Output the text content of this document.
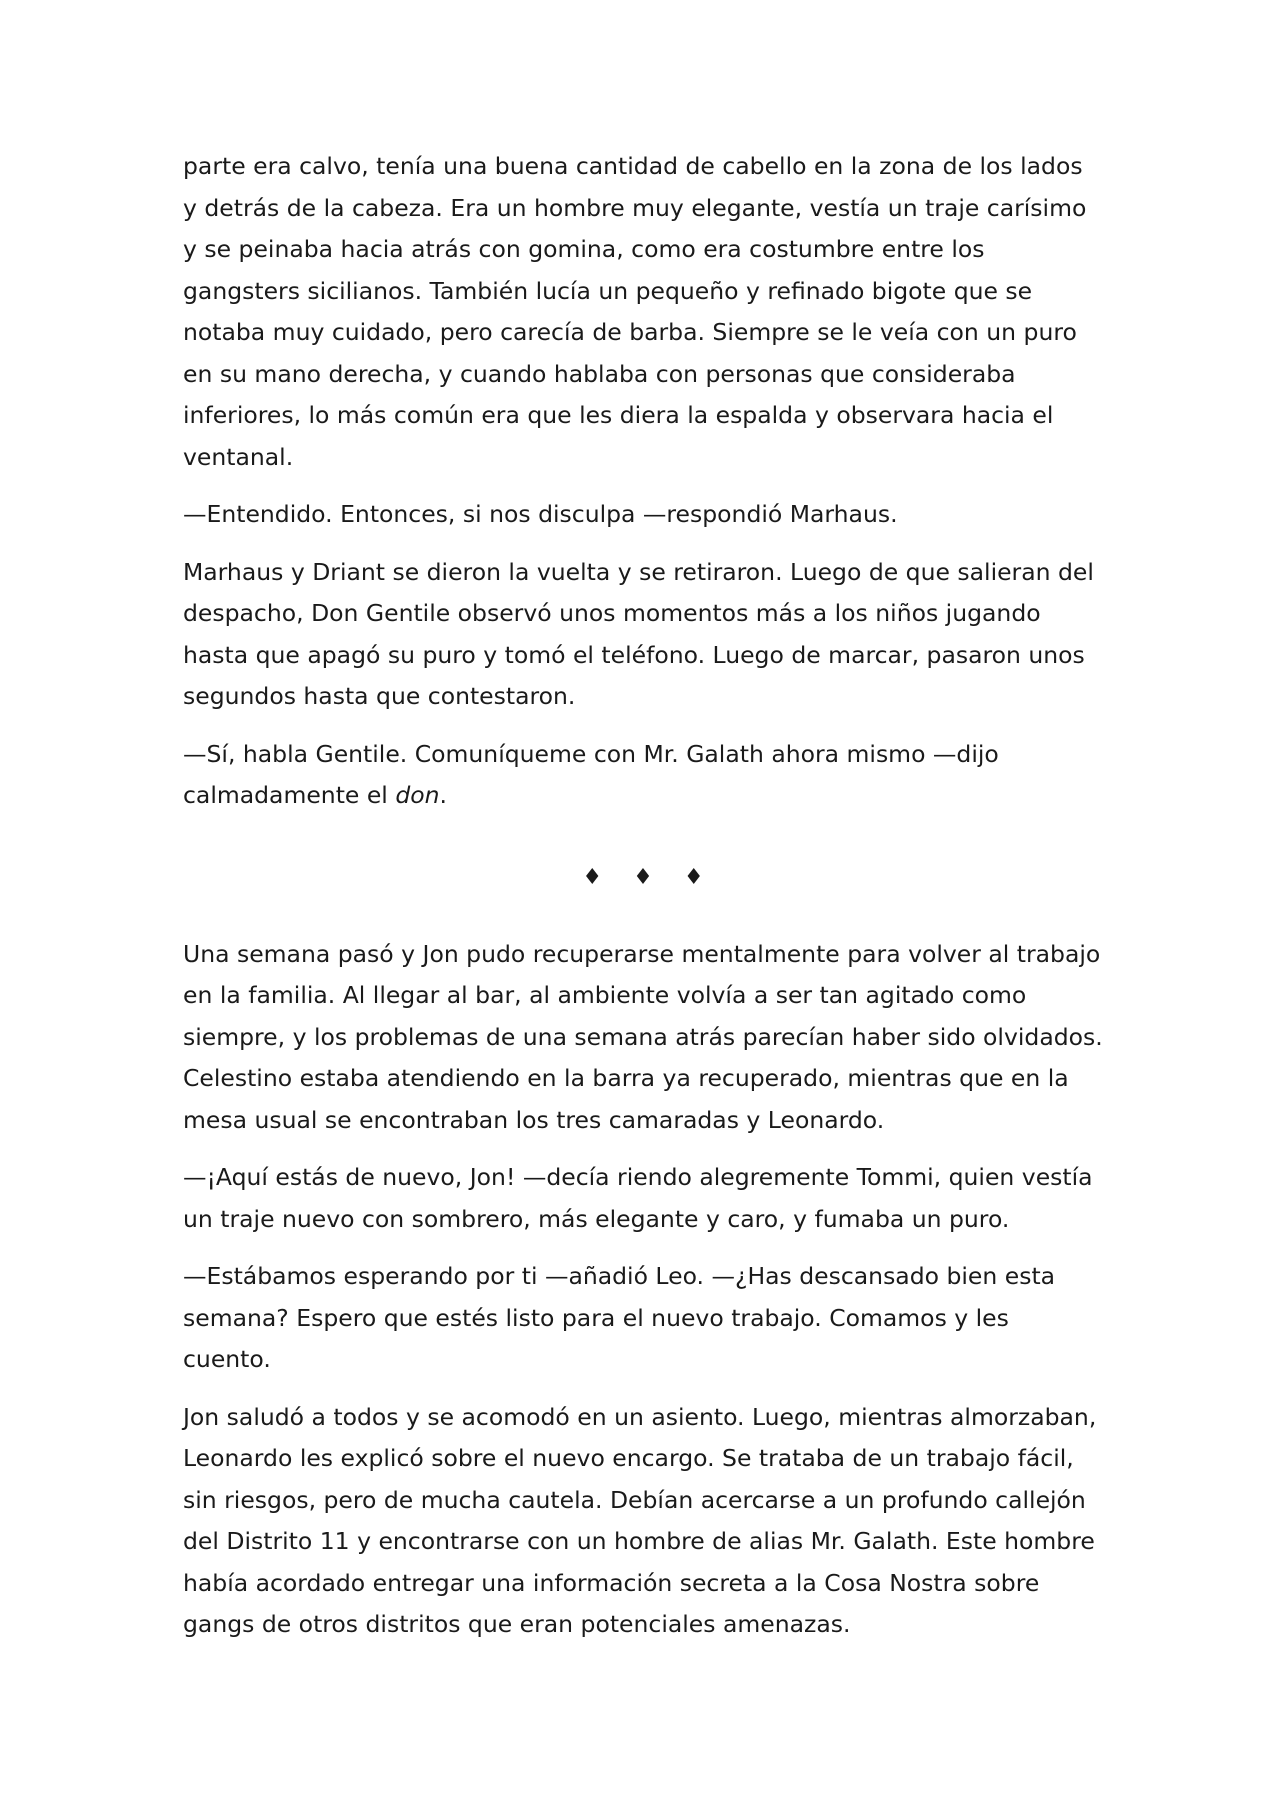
parte era calvo, tenía una buena cantidad de cabello en la zona de los lados y detrás de la cabeza. Era un hombre muy elegante, vestía un traje carísimo y se peinaba hacia atrás con gomina, como era costumbre entre los gangsters sicilianos. También lucía un pequeño y refinado bigote que se notaba muy cuidado, pero carecía de barba. Siempre se le veía con un puro en su mano derecha, y cuando hablaba con personas que consideraba inferiores, lo más común era que les diera la espalda y observara hacia el ventanal.

—Entendido. Entonces, si nos disculpa —respondió Marhaus.

Marhaus y Driant se dieron la vuelta y se retiraron. Luego de que salieran del despacho, Don Gentile observó unos momentos más a los niños jugando hasta que apagó su puro y tomó el teléfono. Luego de marcar, pasaron unos segundos hasta que contestaron.

—Sí, habla Gentile. Comuníqueme con Mr. Galath ahora mismo —dijo calmadamente el don.

♦ ♦ ♦

Una semana pasó y Jon pudo recuperarse mentalmente para volver al trabajo en la familia. Al llegar al bar, al ambiente volvía a ser tan agitado como siempre, y los problemas de una semana atrás parecían haber sido olvidados. Celestino estaba atendiendo en la barra ya recuperado, mientras que en la mesa usual se encontraban los tres camaradas y Leonardo.

—¡Aquí estás de nuevo, Jon! —decía riendo alegremente Tommi, quien vestía un traje nuevo con sombrero, más elegante y caro, y fumaba un puro.

—Estábamos esperando por ti —añadió Leo. —¿Has descansado bien esta semana? Espero que estés listo para el nuevo trabajo. Comamos y les cuento.

Jon saludó a todos y se acomodó en un asiento. Luego, mientras almorzaban, Leonardo les explicó sobre el nuevo encargo. Se trataba de un trabajo fácil, sin riesgos, pero de mucha cautela. Debían acercarse a un profundo callejón del Distrito 11 y encontrarse con un hombre de alias Mr. Galath. Este hombre había acordado entregar una información secreta a la Cosa Nostra sobre gangs de otros distritos que eran potenciales amenazas.
